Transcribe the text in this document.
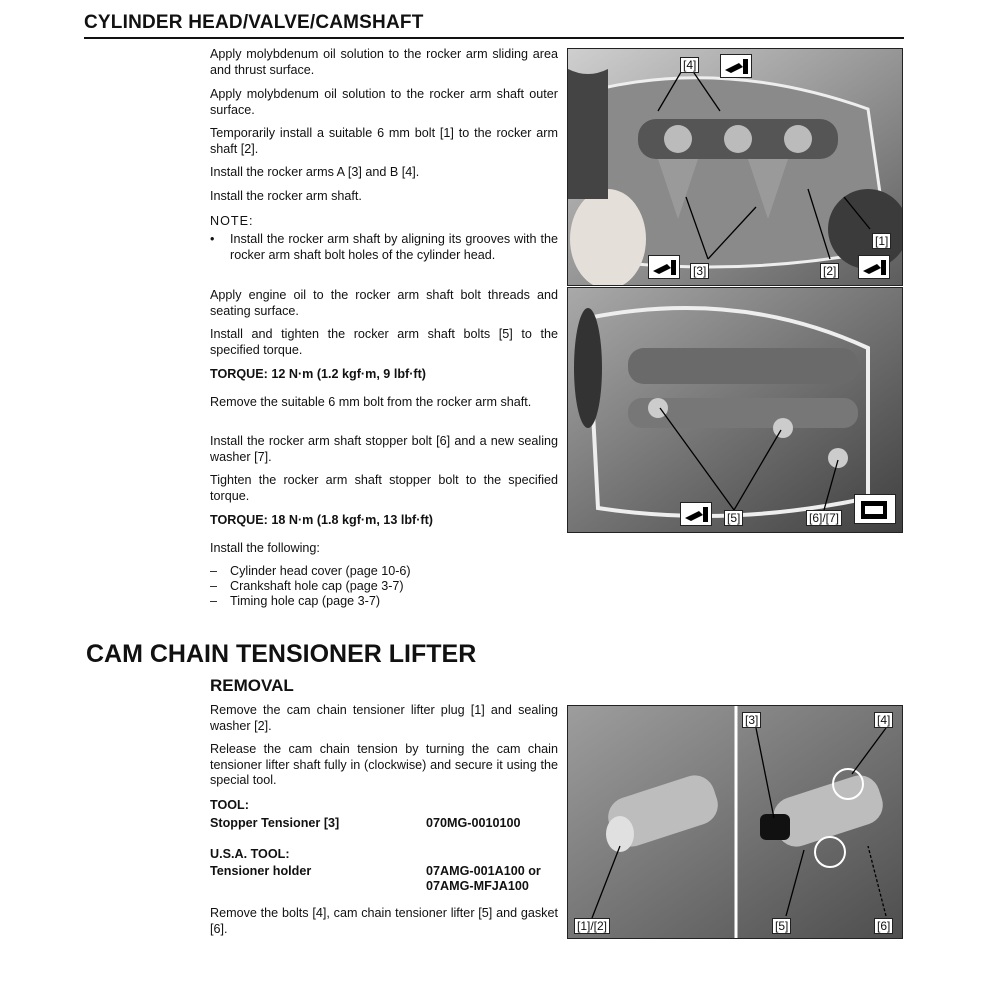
CYLINDER HEAD/VALVE/CAMSHAFT
Apply molybdenum oil solution to the rocker arm sliding area and thrust surface.
Apply molybdenum oil solution to the rocker arm shaft outer surface.
Temporarily install a suitable 6 mm bolt [1] to the rocker arm shaft [2].
Install the rocker arms A [3] and B [4].
Install the rocker arm shaft.
NOTE:
•	Install the rocker arm shaft by aligning its grooves with the rocker arm shaft bolt holes of the cylinder head.
Apply engine oil to the rocker arm shaft bolt threads and seating surface.
Install and tighten the rocker arm shaft bolts [5] to the specified torque.
TORQUE: 12 N·m (1.2 kgf·m, 9 lbf·ft)
Remove the suitable 6 mm bolt from the rocker arm shaft.
Install the rocker arm shaft stopper bolt [6] and a new sealing washer [7].
Tighten the rocker arm shaft stopper bolt to the specified torque.
TORQUE: 18 N·m (1.8 kgf·m, 13 lbf·ft)
Install the following:
–	Cylinder head cover (page 10-6)
–	Crankshaft hole cap (page 3-7)
–	Timing hole cap (page 3-7)
[4]
[1]
[3]	[2]
[5]	[6]/[7]
CAM CHAIN TENSIONER LIFTER
REMOVAL
Remove the cam chain tensioner lifter plug [1] and sealing washer [2].
Release the cam chain tension by turning the cam chain tensioner lifter shaft fully in (clockwise) and secure it using the special tool.
TOOL:
Stopper Tensioner [3]	070MG-0010100
U.S.A. TOOL:
Tensioner holder	07AMG-001A100 or
07AMG-MFJA100
Remove the bolts [4], cam chain tensioner lifter [5] and gasket [6].	[1]/[2]
[3]	[4]
[5]	[6]
